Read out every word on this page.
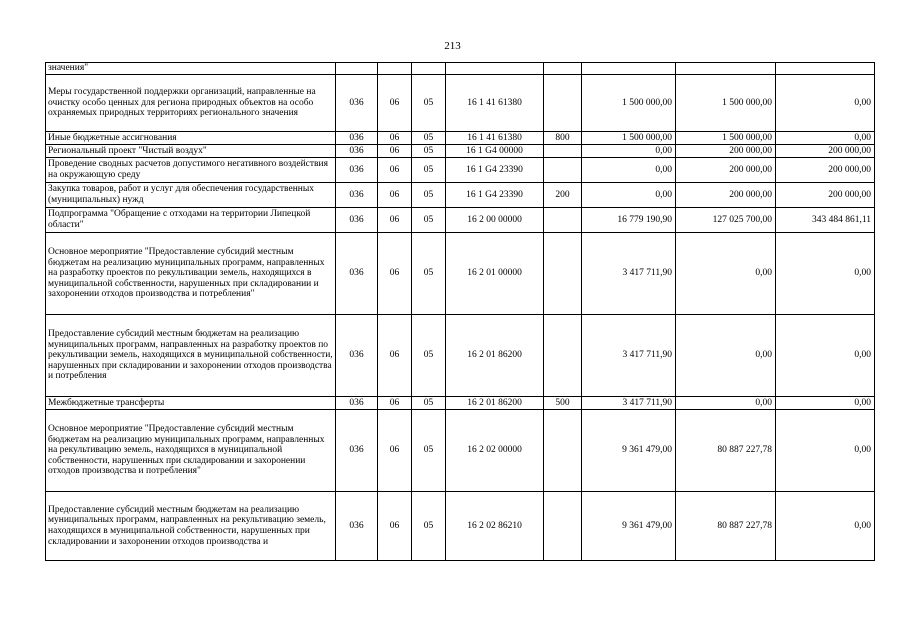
213
значения"								
Меры государственной поддержки организаций, направленные на очистку особо ценных для региона природных объектов на особо охраняемых природных территориях регионального значения	036	06	05	16 1 41 61380		1 500 000,00	1 500 000,00	0,00
Иные бюджетные ассигнования	036	06	05	16 1 41 61380	800	1 500 000,00	1 500 000,00	0,00
Региональный проект "Чистый воздух"	036	06	05	16 1 G4 00000		0,00	200 000,00	200 000,00
Проведение сводных расчетов допустимого негативного воздействия на окружающую среду	036	06	05	16 1 G4 23390		0,00	200 000,00	200 000,00
Закупка товаров, работ и услуг для обеспечения государственных (муниципальных) нужд	036	06	05	16 1 G4 23390	200	0,00	200 000,00	200 000,00
Подпрограмма "Обращение с отходами на территории Липецкой области"	036	06	05	16 2 00 00000		16 779 190,90	127 025 700,00	343 484 861,11
Основное мероприятие "Предоставление субсидий местным бюджетам на реализацию муниципальных программ, направленных на разработку проектов по рекультивации земель, находящихся в муниципальной собственности, нарушенных при складировании и захоронении отходов производства и потребления"	036	06	05	16 2 01 00000		3 417 711,90	0,00	0,00
Предоставление субсидий местным бюджетам на реализацию муниципальных программ, направленных на разработку проектов по рекультивации земель, находящихся в муниципальной собственности, нарушенных при складировании и захоронении отходов производства и потребления	036	06	05	16 2 01 86200		3 417 711,90	0,00	0,00
Межбюджетные трансферты	036	06	05	16 2 01 86200	500	3 417 711,90	0,00	0,00
Основное мероприятие "Предоставление субсидий местным бюджетам на реализацию муниципальных программ, направленных на рекультивацию земель, находящихся в муниципальной собственности, нарушенных при складировании и захоронении отходов производства и потребления"	036	06	05	16 2 02 00000		9 361 479,00	80 887 227,78	0,00
Предоставление субсидий местным бюджетам на реализацию муниципальных программ, направленных на рекультивацию земель, находящихся в муниципальной собственности, нарушенных при складировании и захоронении отходов производства и	036	06	05	16 2 02 86210		9 361 479,00	80 887 227,78	0,00
